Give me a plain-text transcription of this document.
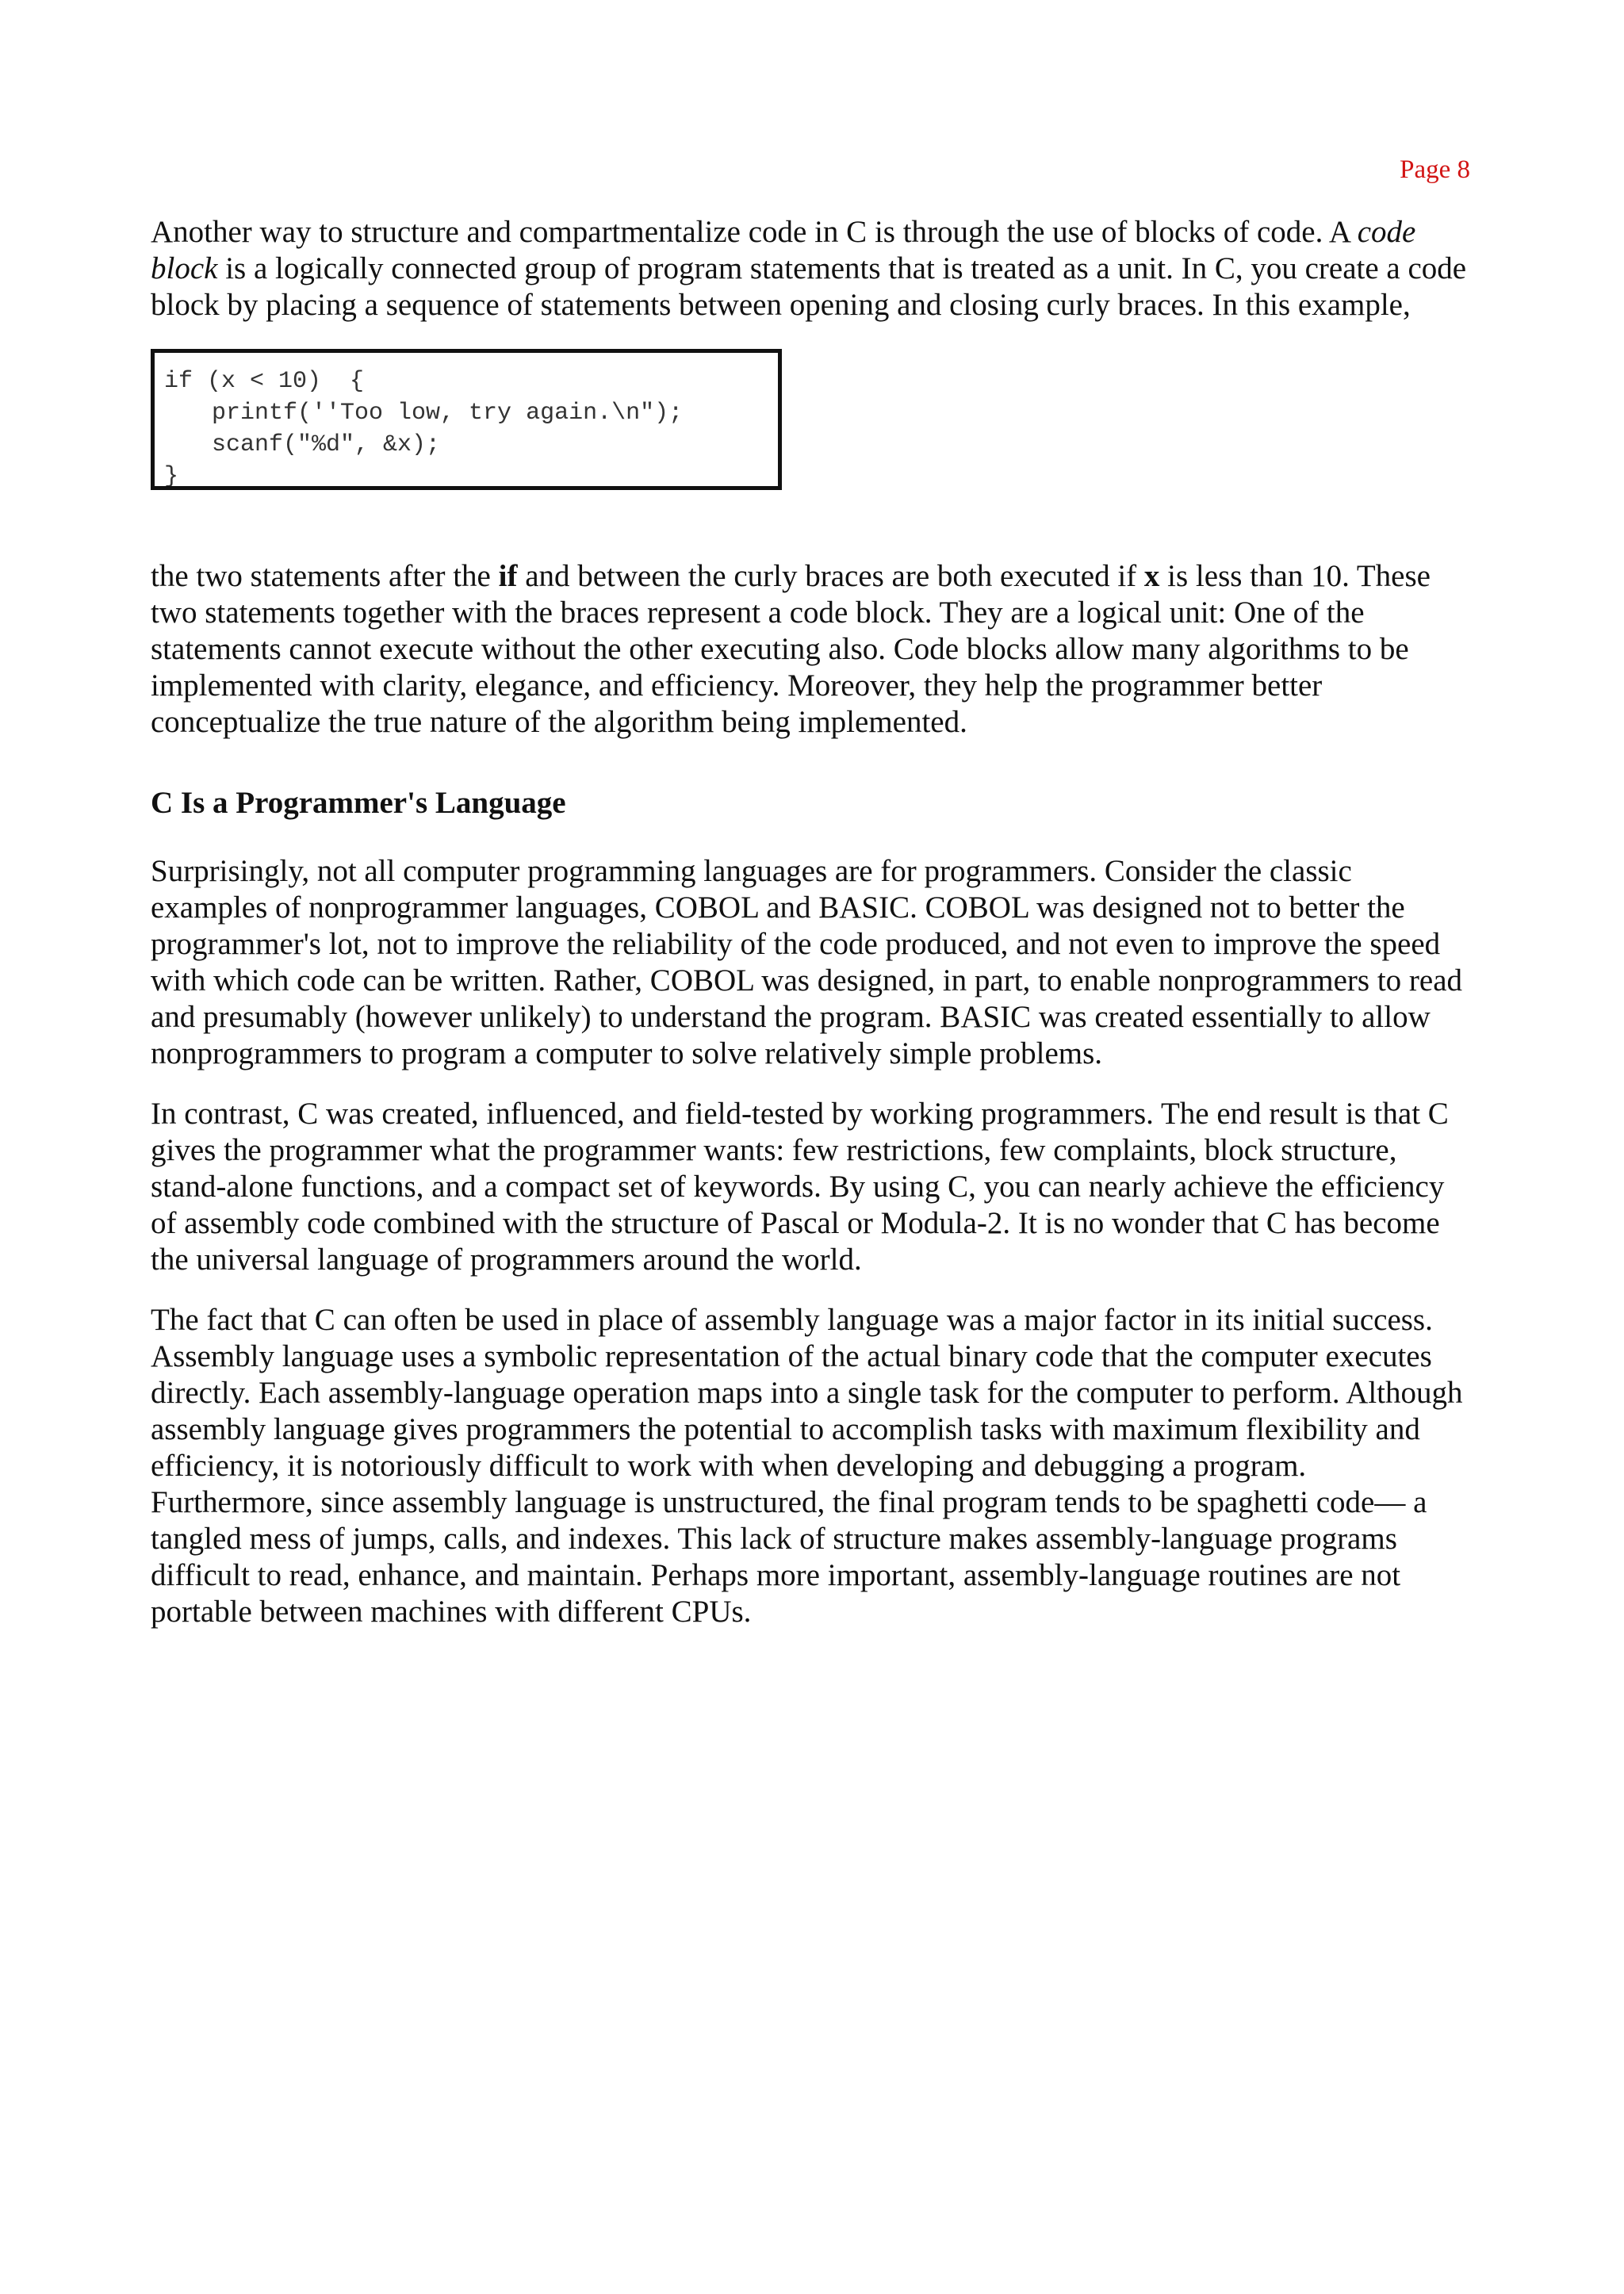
Page 8

Another way to structure and compartmentalize code in C is through the use of blocks of code. A code block is a logically connected group of program statements that is treated as a unit. In C, you create a code block by placing a sequence of statements between opening and closing curly braces. In this example,

if (x < 10)  {
printf(''Too low, try again.\n");
scanf("%d", &x);
}

the two statements after the if and between the curly braces are both executed if x is less than 10. These two statements together with the braces represent a code block. They are a logical unit: One of the statements cannot execute without the other executing also. Code blocks allow many algorithms to be implemented with clarity, elegance, and efficiency. Moreover, they help the programmer better conceptualize the true nature of the algorithm being implemented.

C Is a Programmer's Language

Surprisingly, not all computer programming languages are for programmers. Consider the classic examples of nonprogrammer languages, COBOL and BASIC. COBOL was designed not to better the programmer's lot, not to improve the reliability of the code produced, and not even to improve the speed with which code can be written. Rather, COBOL was designed, in part, to enable nonprogrammers to read and presumably (however unlikely) to understand the program. BASIC was created essentially to allow nonprogrammers to program a computer to solve relatively simple problems.

In contrast, C was created, influenced, and field-tested by working programmers. The end result is that C gives the programmer what the programmer wants: few restrictions, few complaints, block structure, stand-alone functions, and a compact set of keywords. By using C, you can nearly achieve the efficiency of assembly code combined with the structure of Pascal or Modula-2. It is no wonder that C has become the universal language of programmers around the world.

The fact that C can often be used in place of assembly language was a major factor in its initial success. Assembly language uses a symbolic representation of the actual binary code that the computer executes directly. Each assembly-language operation maps into a single task for the computer to perform. Although assembly language gives programmers the potential to accomplish tasks with maximum flexibility and efficiency, it is notoriously difficult to work with when developing and debugging a program. Furthermore, since assembly language is unstructured, the final program tends to be spaghetti code— a tangled mess of jumps, calls, and indexes. This lack of structure makes assembly-language programs difficult to read, enhance, and maintain. Perhaps more important, assembly-language routines are not portable between machines with different CPUs.
